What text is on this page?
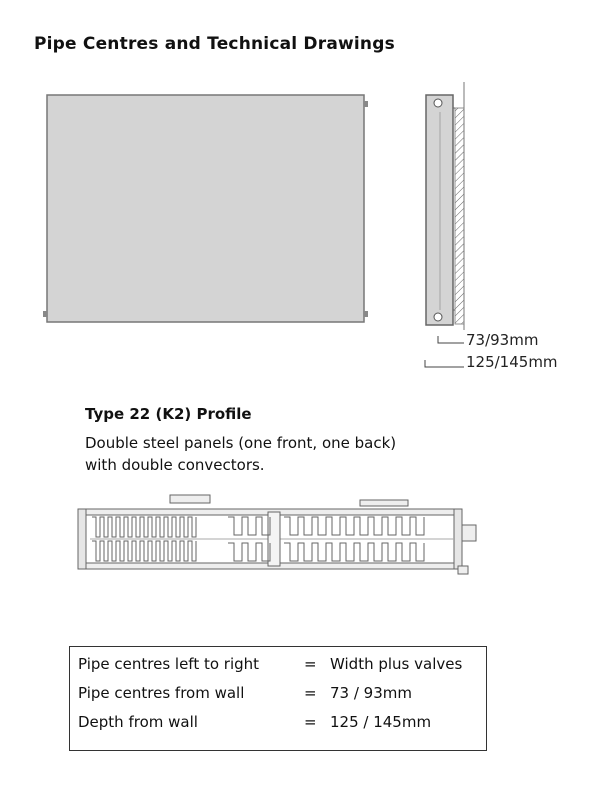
Pipe Centres and Technical Drawings
73/93mm
125/145mm
Type 22 (K2) Profile
Double steel panels (one front, one back)
with double convectors.
Pipe centres left to right	= Width plus valves
Pipe centres from wall	= 73 / 93mm
Depth from wall	= 125 / 145mm
